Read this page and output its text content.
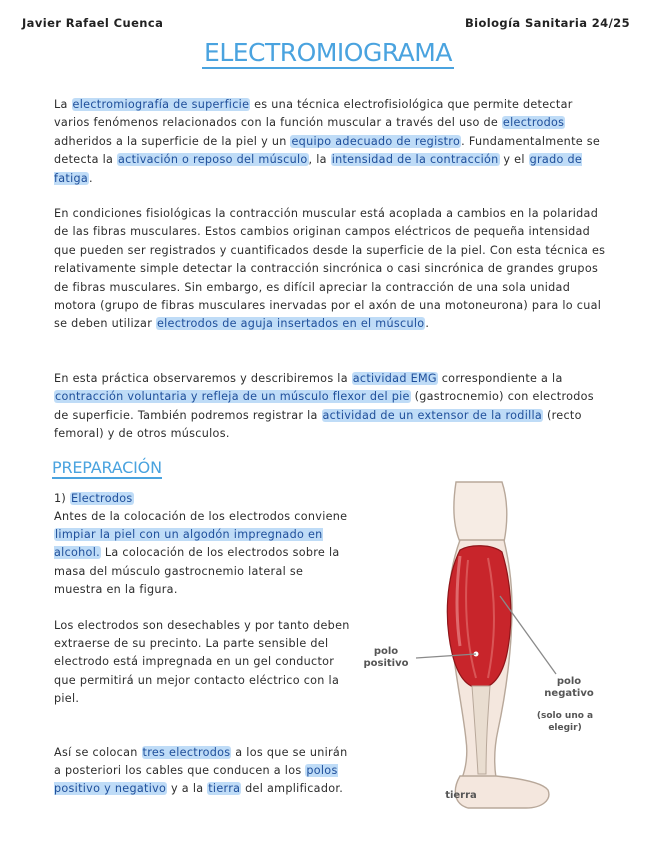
Javier Rafael Cuenca	Biología Sanitaria 24/25
ELECTROMIOGRAMA
La electromiografía de superficie es una técnica electrofisiológica que permite detectar varios fenómenos relacionados con la función muscular a través del uso de electrodos adheridos a la superficie de la piel y un equipo adecuado de registro. Fundamentalmente se detecta la activación o reposo del músculo, la intensidad de la contracción y el grado de fatiga.
En condiciones fisiológicas la contracción muscular está acoplada a cambios en la polaridad de las fibras musculares. Estos cambios originan campos eléctricos de pequeña intensidad que pueden ser registrados y cuantificados desde la superficie de la piel. Con esta técnica es relativamente simple detectar la contracción sincrónica o casi sincrónica de grandes grupos de fibras musculares. Sin embargo, es difícil apreciar la contracción de una sola unidad motora (grupo de fibras musculares inervadas por el axón de una motoneurona) para lo cual se deben utilizar electrodos de aguja insertados en el músculo.
En esta práctica observaremos y describiremos la actividad EMG correspondiente a la contracción voluntaria y refleja de un músculo flexor del pie (gastrocnemio) con electrodos de superficie. También podremos registrar la actividad de un extensor de la rodilla (recto femoral) y de otros músculos.
PREPARACIÓN
1) Electrodos
Antes de la colocación de los electrodos conviene limpiar la piel con un algodón impregnado en alcohol. La colocación de los electrodos sobre la masa del músculo gastrocnemio lateral se muestra en la figura.
Los electrodos son desechables y por tanto deben extraerse de su precinto. La parte sensible del electrodo está impregnada en un gel conductor que permitirá un mejor contacto eléctrico con la piel.
Así se colocan tres electrodos a los que se unirán a posteriori los cables que conducen a los polos positivo y negativo y a la tierra del amplificador.
polo positivo
polo negativo
(solo uno a elegir)
tierra
